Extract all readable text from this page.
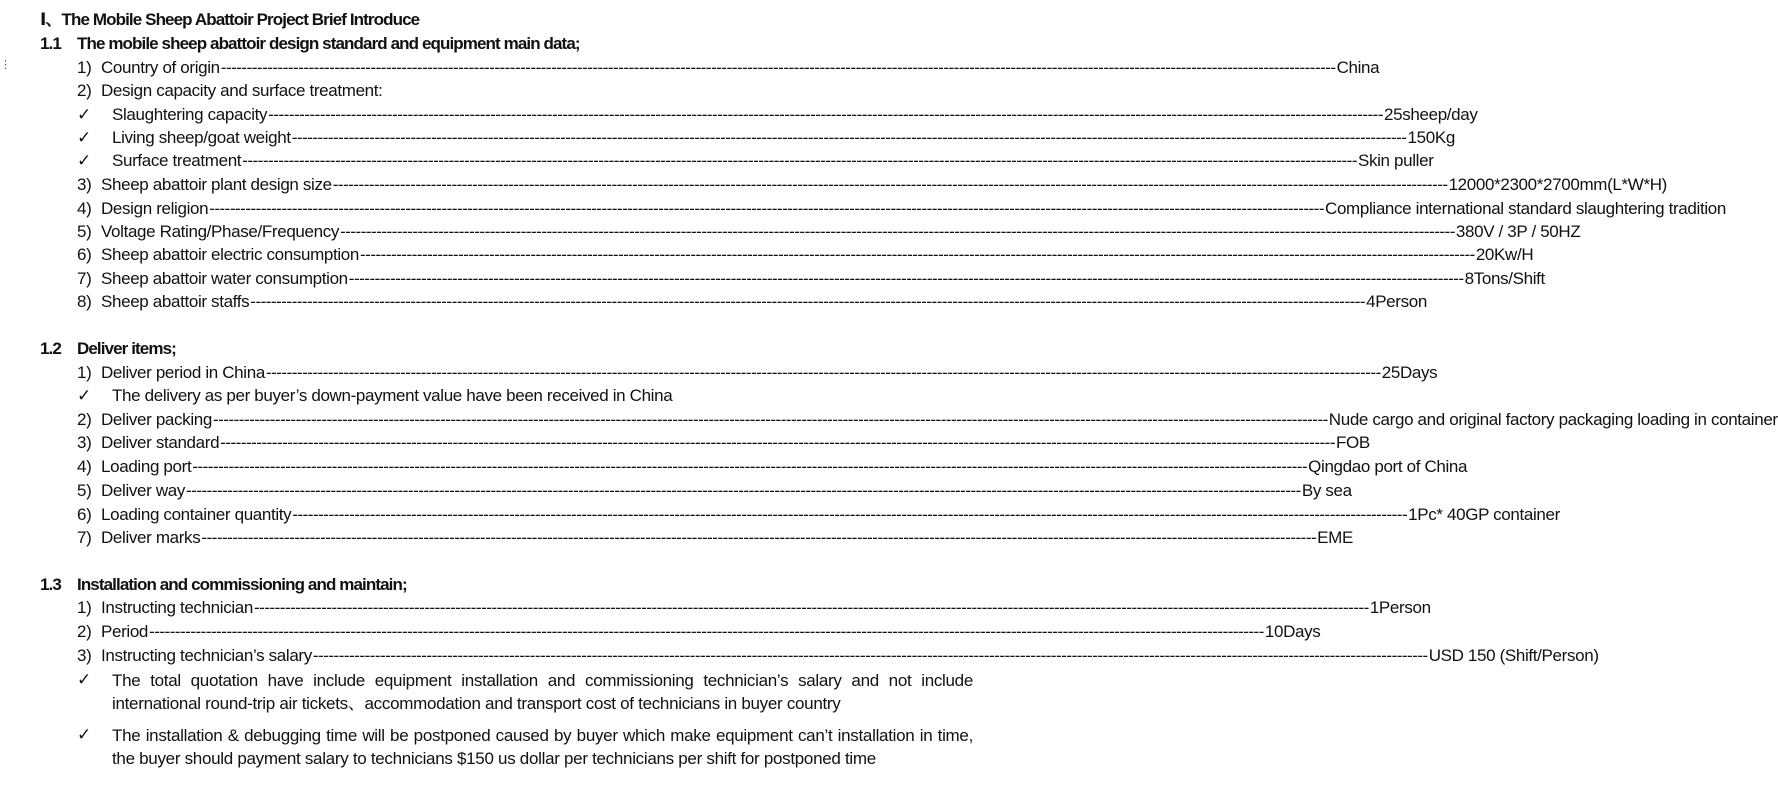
⋮
Ⅰ、The Mobile Sheep Abattoir Project Brief Introduce
1.1 The mobile sheep abattoir design standard and equipment main data;
1) Country of origin ------------------------------------------------------------------------------------------------------------------------------------------------------------------------------------------------------------------------ China
2) Design capacity and surface treatment:
✓ Slaughtering capacity ------------------------------------------------------------------------------------------------------------------------------------------------------------------------------------------------------------------------ 25sheep/day
✓ Living sheep/goat weight ------------------------------------------------------------------------------------------------------------------------------------------------------------------------------------------------------------------------ 150Kg
✓ Surface treatment ------------------------------------------------------------------------------------------------------------------------------------------------------------------------------------------------------------------------ Skin puller
3) Sheep abattoir plant design size ------------------------------------------------------------------------------------------------------------------------------------------------------------------------------------------------------------------------ 12000*2300*2700mm(L*W*H)
4) Design religion ------------------------------------------------------------------------------------------------------------------------------------------------------------------------------------------------------------------------ Compliance international standard slaughtering tradition
5) Voltage Rating/Phase/Frequency ------------------------------------------------------------------------------------------------------------------------------------------------------------------------------------------------------------------------ 380V / 3P / 50HZ
6) Sheep abattoir electric consumption ------------------------------------------------------------------------------------------------------------------------------------------------------------------------------------------------------------------------ 20Kw/H
7) Sheep abattoir water consumption ------------------------------------------------------------------------------------------------------------------------------------------------------------------------------------------------------------------------ 8Tons/Shift
8) Sheep abattoir staffs ------------------------------------------------------------------------------------------------------------------------------------------------------------------------------------------------------------------------ 4Person
1.2 Deliver items;
1) Deliver period in China ------------------------------------------------------------------------------------------------------------------------------------------------------------------------------------------------------------------------ 25Days
✓ The delivery as per buyer’s down-payment value have been received in China
2) Deliver packing ------------------------------------------------------------------------------------------------------------------------------------------------------------------------------------------------------------------------ Nude cargo and original factory packaging loading in container
3) Deliver standard ------------------------------------------------------------------------------------------------------------------------------------------------------------------------------------------------------------------------ FOB
4) Loading port ------------------------------------------------------------------------------------------------------------------------------------------------------------------------------------------------------------------------ Qingdao port of China
5) Deliver way ------------------------------------------------------------------------------------------------------------------------------------------------------------------------------------------------------------------------ By sea
6) Loading container quantity ------------------------------------------------------------------------------------------------------------------------------------------------------------------------------------------------------------------------ 1Pc* 40GP container
7) Deliver marks ------------------------------------------------------------------------------------------------------------------------------------------------------------------------------------------------------------------------ EME
1.3 Installation and commissioning and maintain;
1) Instructing technician ------------------------------------------------------------------------------------------------------------------------------------------------------------------------------------------------------------------------ 1Person
2) Period ------------------------------------------------------------------------------------------------------------------------------------------------------------------------------------------------------------------------ 10Days
3) Instructing technician’s salary ------------------------------------------------------------------------------------------------------------------------------------------------------------------------------------------------------------------------ USD 150 (Shift/Person)
✓ The total quotation have include equipment installation and commissioning technician’s salary and not include international round-trip air tickets、accommodation and transport cost of technicians in buyer country
✓ The installation & debugging time will be postponed caused by buyer which make equipment can’t installation in time, the buyer should payment salary to technicians $150 us dollar per technicians per shift for postponed time
